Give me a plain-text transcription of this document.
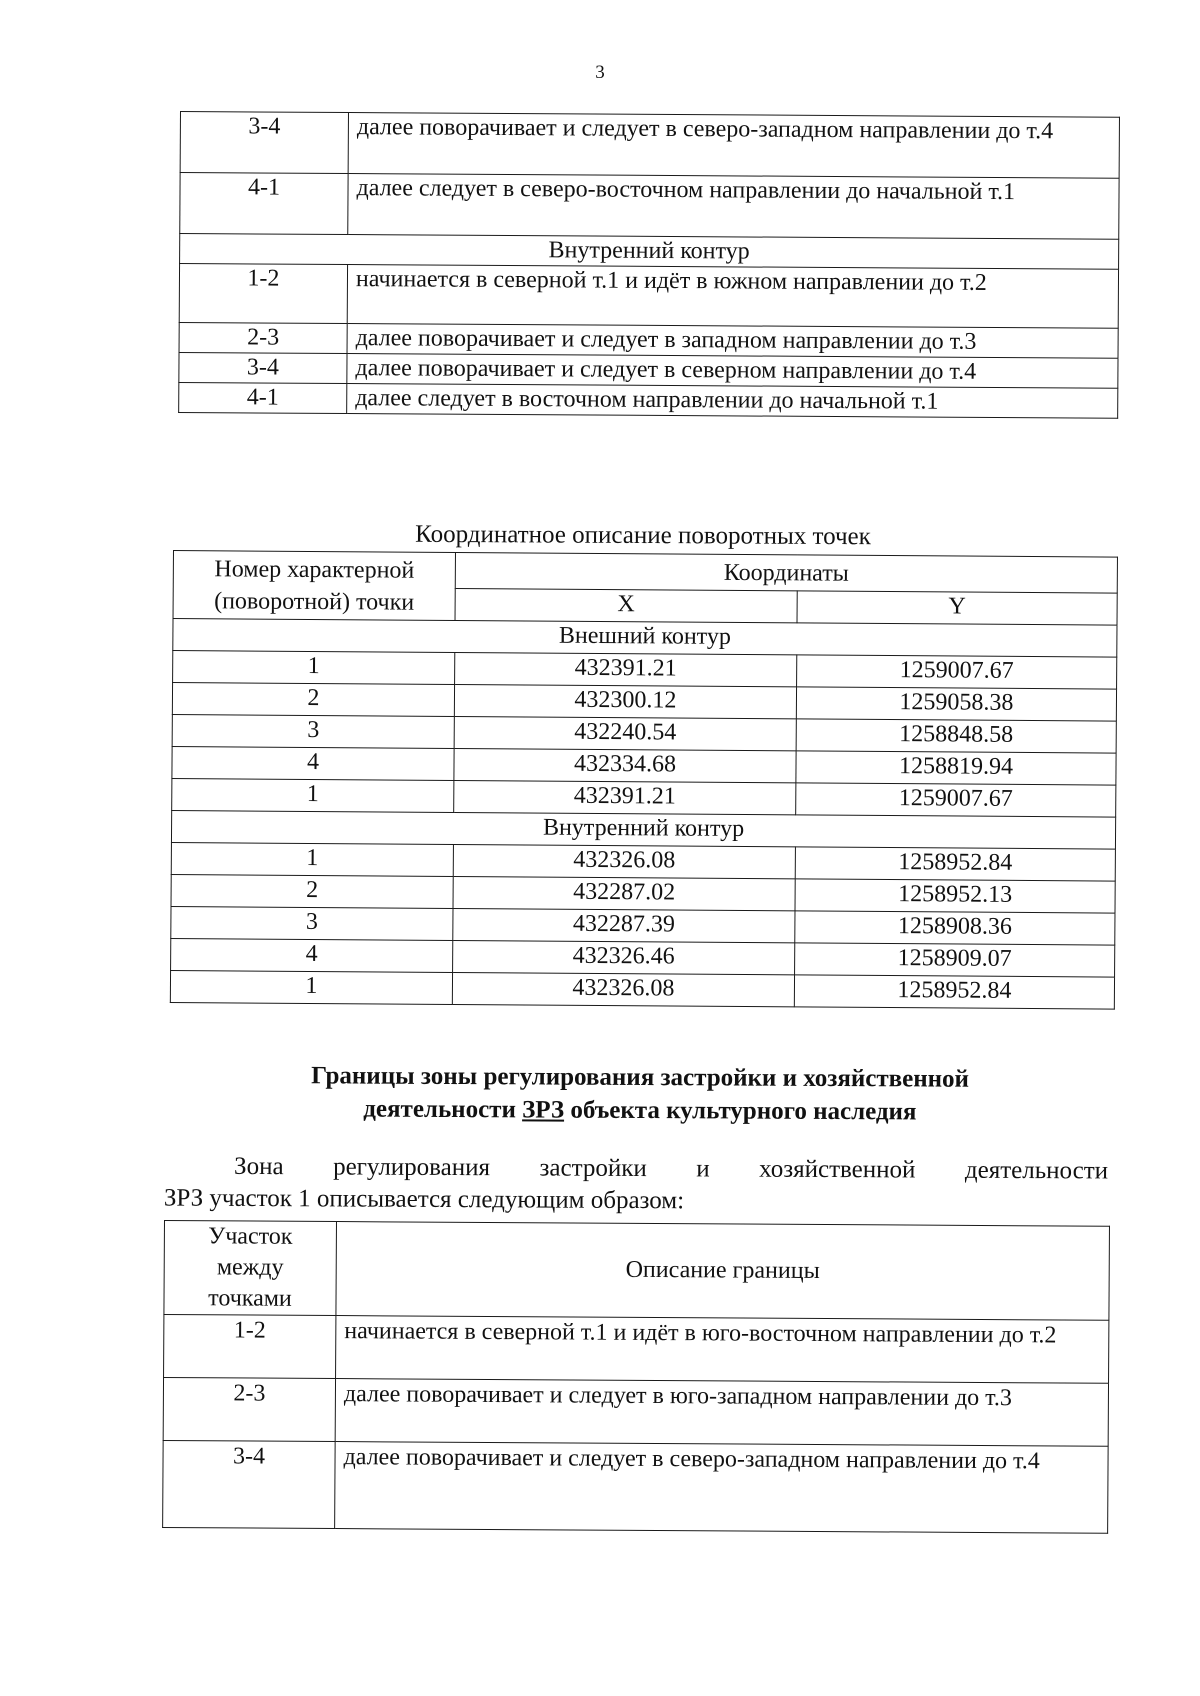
3
3-4	далее поворачивает и следует в северо-западном направлении до т.4
4-1	далее следует в северо-восточном направлении до начальной т.1
Внутренний контур	
1-2	начинается в северной т.1 и идёт в южном направлении до т.2
2-3	далее поворачивает и следует в западном направлении до т.3
3-4	далее поворачивает и следует в северном направлении до т.4
4-1	далее следует в восточном направлении до начальной т.1
Координатное описание поворотных точек
Номер характерной (поворотной) точки	Координаты	
	X	Y
Внешний контур		
1	432391.21	1259007.67
2	432300.12	1259058.38
3	432240.54	1258848.58
4	432334.68	1258819.94
1	432391.21	1259007.67
Внутренний контур		
1	432326.08	1258952.84
2	432287.02	1258952.13
3	432287.39	1258908.36
4	432326.46	1258909.07
1	432326.08	1258952.84
Границы зоны регулирования застройки и хозяйственной
деятельности ЗРЗ объекта культурного наследия
Зона регулирования застройки и хозяйственной деятельности
ЗРЗ участок 1 описывается следующим образом:
Участок между точками	Описание границы
1-2	начинается в северной т.1 и идёт в юго-восточном направлении до т.2
2-3	далее поворачивает и следует в юго-западном направлении до т.3
3-4	далее поворачивает и следует в северо-западном направлении до т.4
